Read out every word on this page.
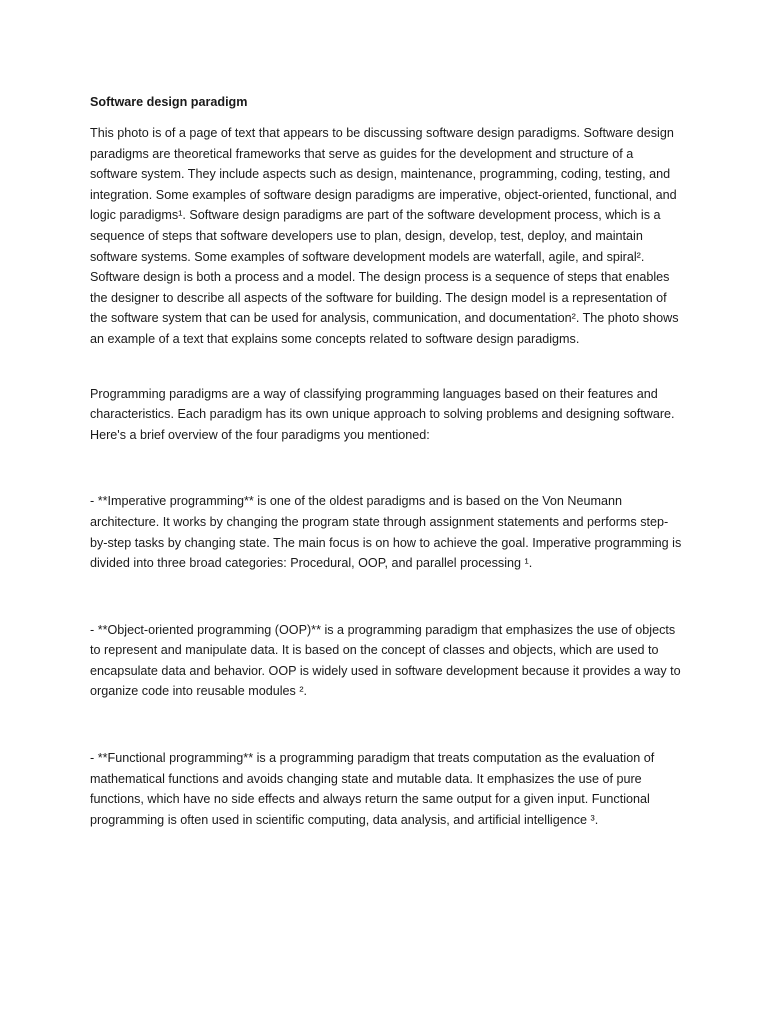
Software design paradigm

This photo is of a page of text that appears to be discussing software design paradigms. Software design paradigms are theoretical frameworks that serve as guides for the development and structure of a software system. They include aspects such as design, maintenance, programming, coding, testing, and integration. Some examples of software design paradigms are imperative, object-oriented, functional, and logic paradigms¹. Software design paradigms are part of the software development process, which is a sequence of steps that software developers use to plan, design, develop, test, deploy, and maintain software systems. Some examples of software development models are waterfall, agile, and spiral². Software design is both a process and a model. The design process is a sequence of steps that enables the designer to describe all aspects of the software for building. The design model is a representation of the software system that can be used for analysis, communication, and documentation². The photo shows an example of a text that explains some concepts related to software design paradigms.

Programming paradigms are a way of classifying programming languages based on their features and characteristics. Each paradigm has its own unique approach to solving problems and designing software. Here's a brief overview of the four paradigms you mentioned:

- **Imperative programming** is one of the oldest paradigms and is based on the Von Neumann architecture. It works by changing the program state through assignment statements and performs step-by-step tasks by changing state. The main focus is on how to achieve the goal. Imperative programming is divided into three broad categories: Procedural, OOP, and parallel processing ¹.

- **Object-oriented programming (OOP)** is a programming paradigm that emphasizes the use of objects to represent and manipulate data. It is based on the concept of classes and objects, which are used to encapsulate data and behavior. OOP is widely used in software development because it provides a way to organize code into reusable modules ².

- **Functional programming** is a programming paradigm that treats computation as the evaluation of mathematical functions and avoids changing state and mutable data. It emphasizes the use of pure functions, which have no side effects and always return the same output for a given input. Functional programming is often used in scientific computing, data analysis, and artificial intelligence ³.
